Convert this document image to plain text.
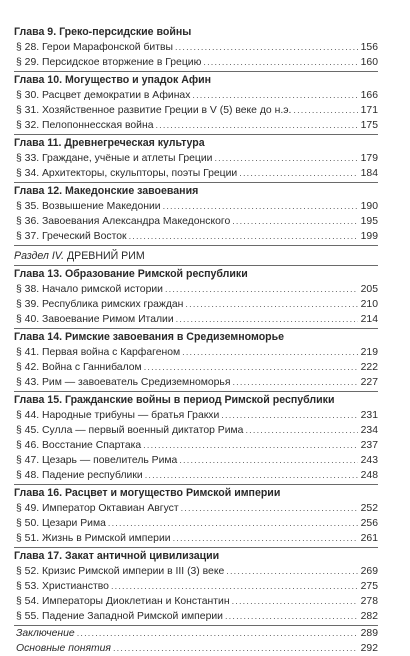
Глава 9. Греко-персидские войны
§ 28. Герои Марафонской битвы .....	156
§ 29. Персидское вторжение в Грецию .....	160
Глава 10. Могущество и упадок Афин
§ 30. Расцвет демократии в Афинах .....	166
§ 31. Хозяйственное развитие Греции в V (5) веке до н.э. .....	171
§ 32. Пелопоннесская война .....	175
Глава 11. Древнегреческая культура
§ 33. Граждане, учёные и атлеты Греции .....	179
§ 34. Архитекторы, скульпторы, поэты Греции .....	184
Глава 12. Македонские завоевания
§ 35. Возвышение Македонии .....	190
§ 36. Завоевания Александра Македонского .....	195
§ 37. Греческий Восток .....	199
Раздел IV.
ДРЕВНИЙ РИМ
Глава 13. Образование Римской республики
§ 38. Начало римской истории .....	205
§ 39. Республика римских граждан .....	210
§ 40. Завоевание Римом Италии .....	214
Глава 14. Римские завоевания в Средиземноморье
§ 41. Первая война с Карфагеном .....	219
§ 42. Война с Ганнибалом .....	222
§ 43. Рим — завоеватель Средиземноморья .....	227
Глава 15. Гражданские войны в период Римской республики
§ 44. Народные трибуны — братья Гракхи .....	231
§ 45. Сулла — первый военный диктатор Рима .....	234
§ 46. Восстание Спартака .....	237
§ 47. Цезарь — повелитель Рима .....	243
§ 48. Падение республики .....	248
Глава 16. Расцвет и могущество Римской империи
§ 49. Император Октавиан Август .....	252
§ 50. Цезари Рима .....	256
§ 51. Жизнь в Римской империи .....	261
Глава 17. Закат античной цивилизации
§ 52. Кризис Римской империи в III (3) веке .....	269
§ 53. Христианство .....	275
§ 54. Императоры Диоклетиан и Константин .....	278
§ 55. Падение Западной Римской империи .....	282
Заключение .....	289
Основные понятия .....	292
